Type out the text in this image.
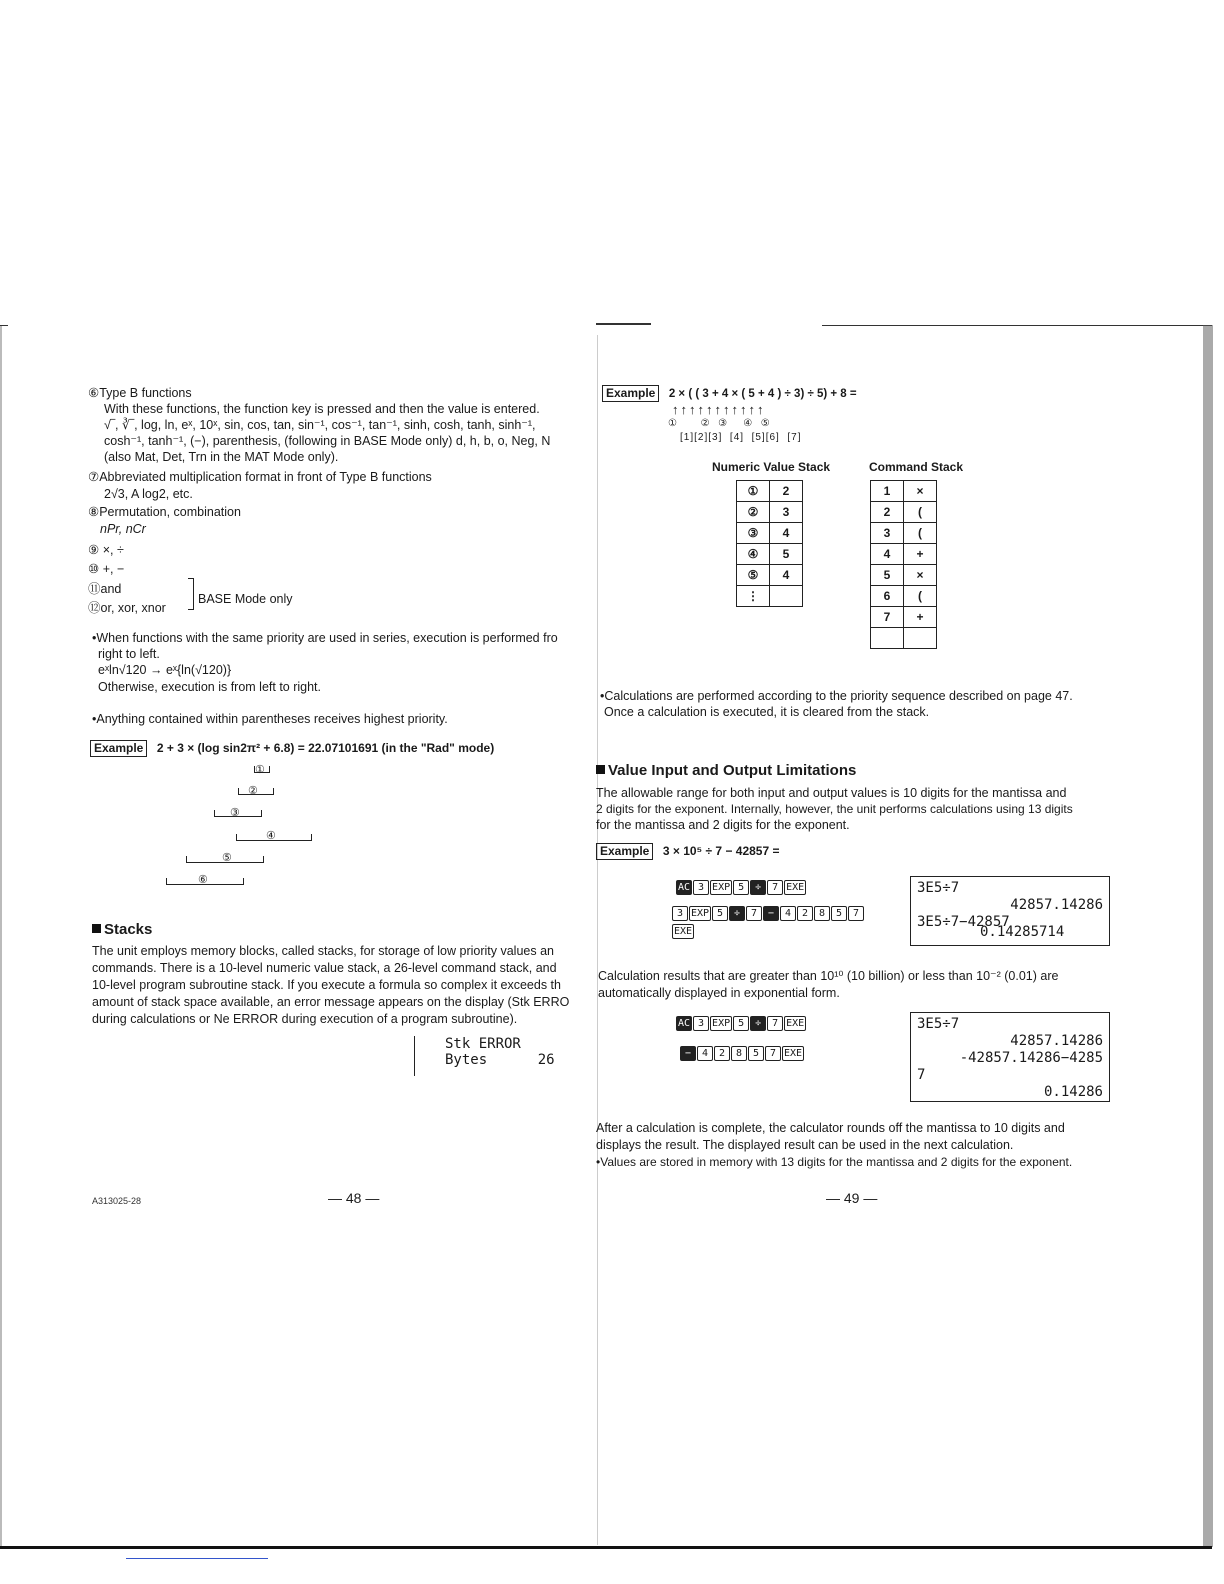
⑥Type B functions
With these functions, the function key is pressed and then the value is entered.
√‾, ∛‾, log, ln, eˣ, 10ˣ, sin, cos, tan, sin⁻¹, cos⁻¹, tan⁻¹, sinh, cosh, tanh, sinh⁻¹,
cosh⁻¹, tanh⁻¹, (−), parenthesis, (following in BASE Mode only) d, h, b, o, Neg, N
(also Mat, Det, Trn in the MAT Mode only).
⑦Abbreviated multiplication format in front of Type B functions
2√3, A log2, etc.
⑧Permutation, combination
nPr, nCr
⑨ ×, ÷
⑩ +, −
⑪and
⑫or, xor, xnor
BASE Mode only
•When functions with the same priority are used in series, execution is performed fro
right to left.
eˣln√120 → eˣ{ln(√120)}
Otherwise, execution is from left to right.
•Anything contained within parentheses receives highest priority.
Example 2 + 3 × (log sin2π² + 6.8) = 22.07101691 (in the "Rad" mode)
①
②
③
④
⑤
⑥
Stacks
The unit employs memory blocks, called stacks, for storage of low priority values an
commands. There is a 10-level numeric value stack, a 26-level command stack, and
10-level program subroutine stack. If you execute a formula so complex it exceeds th
amount of stack space available, an error message appears on the display (Stk ERRO
during calculations or Ne ERROR during execution of a program subroutine).
Stk ERROR
Bytes      26
A313025-28	— 48 —
Example 2 × ( ( 3 + 4 × ( 5 + 4 ) ÷ 3) ÷ 5) + 8 =
↑↑↑↑↑↑↑↑↑↑↑
①      ②  ③    ④  ⑤
[1][2][3]  [4]  [5][6]  [7]
Numeric Value Stack	Command Stack
①	2
②	3
③	4
④	5
⑤	4
⋮	
1	×
2	(
3	(
4	+
5	×
6	(
7	+

•Calculations are performed according to the priority sequence described on page 47.
Once a calculation is executed, it is cleared from the stack.
Value Input and Output Limitations
The allowable range for both input and output values is 10 digits for the mantissa and
2 digits for the exponent. Internally, however, the unit performs calculations using 13 digits
for the mantissa and 2 digits for the exponent.
Example 3 × 10⁵ ÷ 7 − 42857 =
AC 3 EXP 5 ÷ 7 EXE
3 EXP 5 ÷ 7 − 4 2 8 5 7
EXE
3E5÷7
42857.14286
3E5÷7−42857
0.14285714
Calculation results that are greater than 10¹⁰ (10 billion) or less than 10⁻² (0.01) are
automatically displayed in exponential form.
AC 3 EXP 5 ÷ 7 EXE
− 4 2 8 5 7 EXE
3E5÷7
42857.14286
-42857.14286−4285
7
0.14286
After a calculation is complete, the calculator rounds off the mantissa to 10 digits and
displays the result. The displayed result can be used in the next calculation.
•Values are stored in memory with 13 digits for the mantissa and 2 digits for the exponent.
— 49 —
